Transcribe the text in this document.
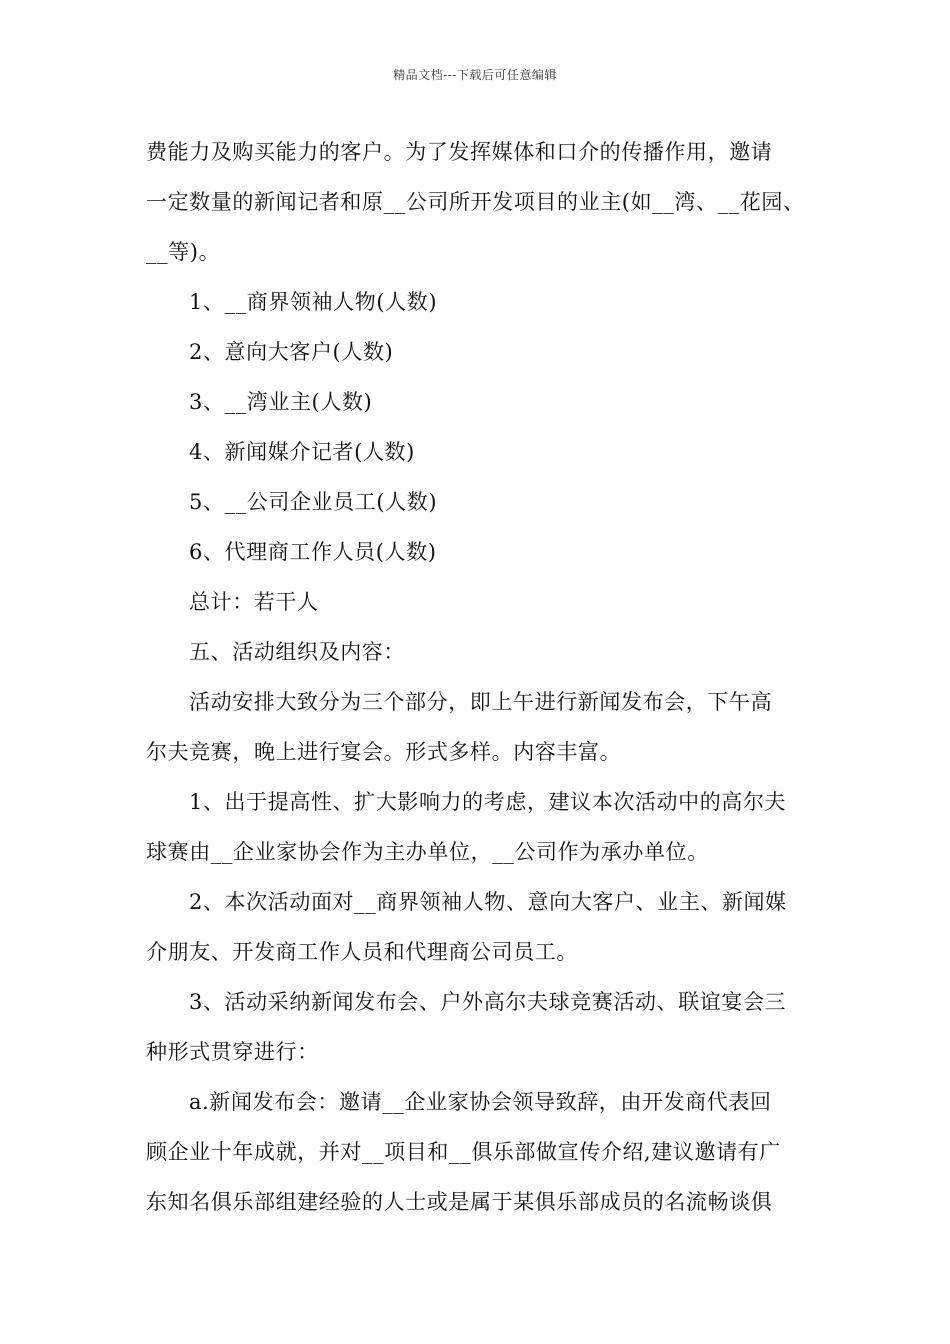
精品文档---下载后可任意编辑
费能力及购买能力的客户。为了发挥媒体和口介的传播作用，邀请
一定数量的新闻记者和原__公司所开发项目的业主(如__湾、__花园、
__等)。
1、__商界领袖人物(人数)
2、意向大客户(人数)
3、__湾业主(人数)
4、新闻媒介记者(人数)
5、__公司企业员工(人数)
6、代理商工作人员(人数)
总计：若干人
五、活动组织及内容：
活动安排大致分为三个部分，即上午进行新闻发布会，下午高
尔夫竞赛，晚上进行宴会。形式多样。内容丰富。
1、出于提高性、扩大影响力的考虑，建议本次活动中的高尔夫
球赛由__企业家协会作为主办单位，__公司作为承办单位。
2、本次活动面对__商界领袖人物、意向大客户、业主、新闻媒
介朋友、开发商工作人员和代理商公司员工。
3、活动采纳新闻发布会、户外高尔夫球竞赛活动、联谊宴会三
种形式贯穿进行：
a.新闻发布会：邀请__企业家协会领导致辞，由开发商代表回
顾企业十年成就，并对__项目和__俱乐部做宣传介绍,建议邀请有广
东知名俱乐部组建经验的人士或是属于某俱乐部成员的名流畅谈俱
